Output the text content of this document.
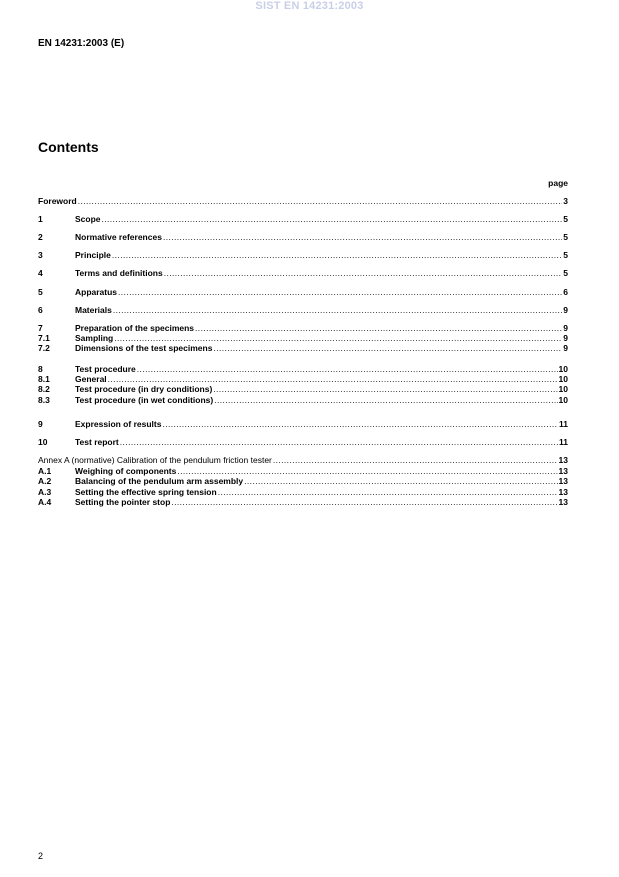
SIST EN 14231:2003
EN 14231:2003 (E)
Contents
page
Foreword .....	3
1	Scope .....	5
2	Normative references .....	5
3	Principle .....	5
4	Terms and definitions .....	5
5	Apparatus .....	6
6	Materials .....	9
7	Preparation of the specimens .....	9
7.1	Sampling .....	9
7.2	Dimensions of the test specimens .....	9
8	Test procedure .....	10
8.1	General .....	10
8.2	Test procedure (in dry conditions) .....	10
8.3	Test procedure (in wet conditions) .....	10
9	Expression of results .....	11
10	Test report .....	11
Annex A (normative) Calibration of the pendulum friction tester .....	13
A.1	Weighing of components .....	13
A.2	Balancing of the pendulum arm assembly .....	13
A.3	Setting the effective spring tension .....	13
A.4	Setting the pointer stop .....	13
2
